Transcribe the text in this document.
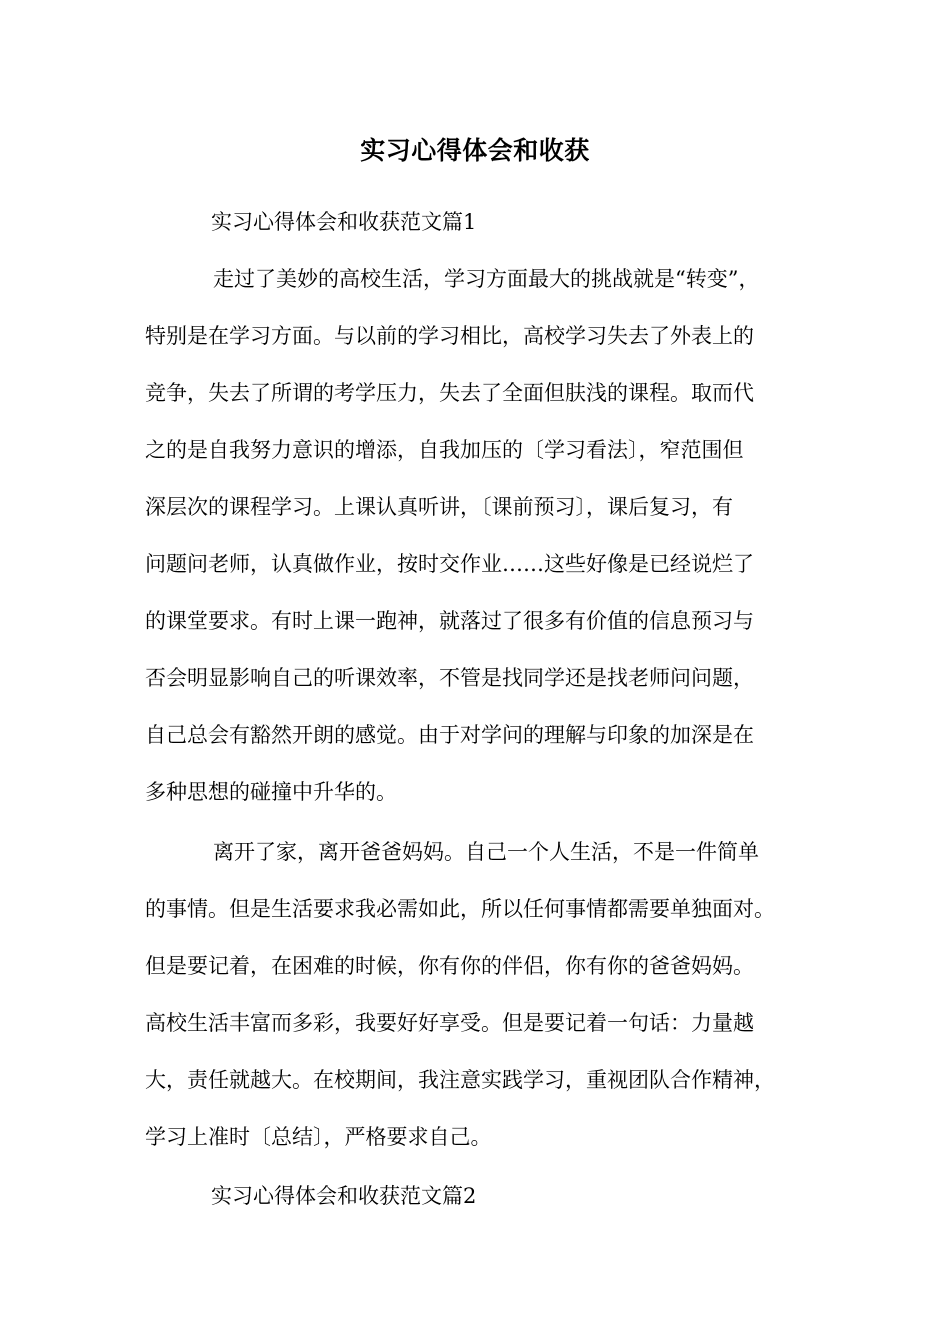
实习心得体会和收获
实习心得体会和收获范文篇1
走过了美妙的高校生活，学习方面最大的挑战就是“转变”，
特别是在学习方面。与以前的学习相比，高校学习失去了外表上的
竞争，失去了所谓的考学压力，失去了全面但肤浅的课程。取而代
之的是自我努力意识的增添，自我加压的〔学习看法〕，窄范围但
深层次的课程学习。上课认真听讲，〔课前预习〕，课后复习，有
问题问老师，认真做作业，按时交作业……这些好像是已经说烂了
的课堂要求。有时上课一跑神，就落过了很多有价值的信息预习与
否会明显影响自己的听课效率，不管是找同学还是找老师问问题，
自己总会有豁然开朗的感觉。由于对学问的理解与印象的加深是在
多种思想的碰撞中升华的。
离开了家，离开爸爸妈妈。自己一个人生活，不是一件简单
的事情。但是生活要求我必需如此，所以任何事情都需要单独面对。
但是要记着，在困难的时候，你有你的伴侣，你有你的爸爸妈妈。
高校生活丰富而多彩，我要好好享受。但是要记着一句话：力量越
大，责任就越大。在校期间，我注意实践学习，重视团队合作精神，
学习上准时〔总结〕，严格要求自己。
实习心得体会和收获范文篇2
